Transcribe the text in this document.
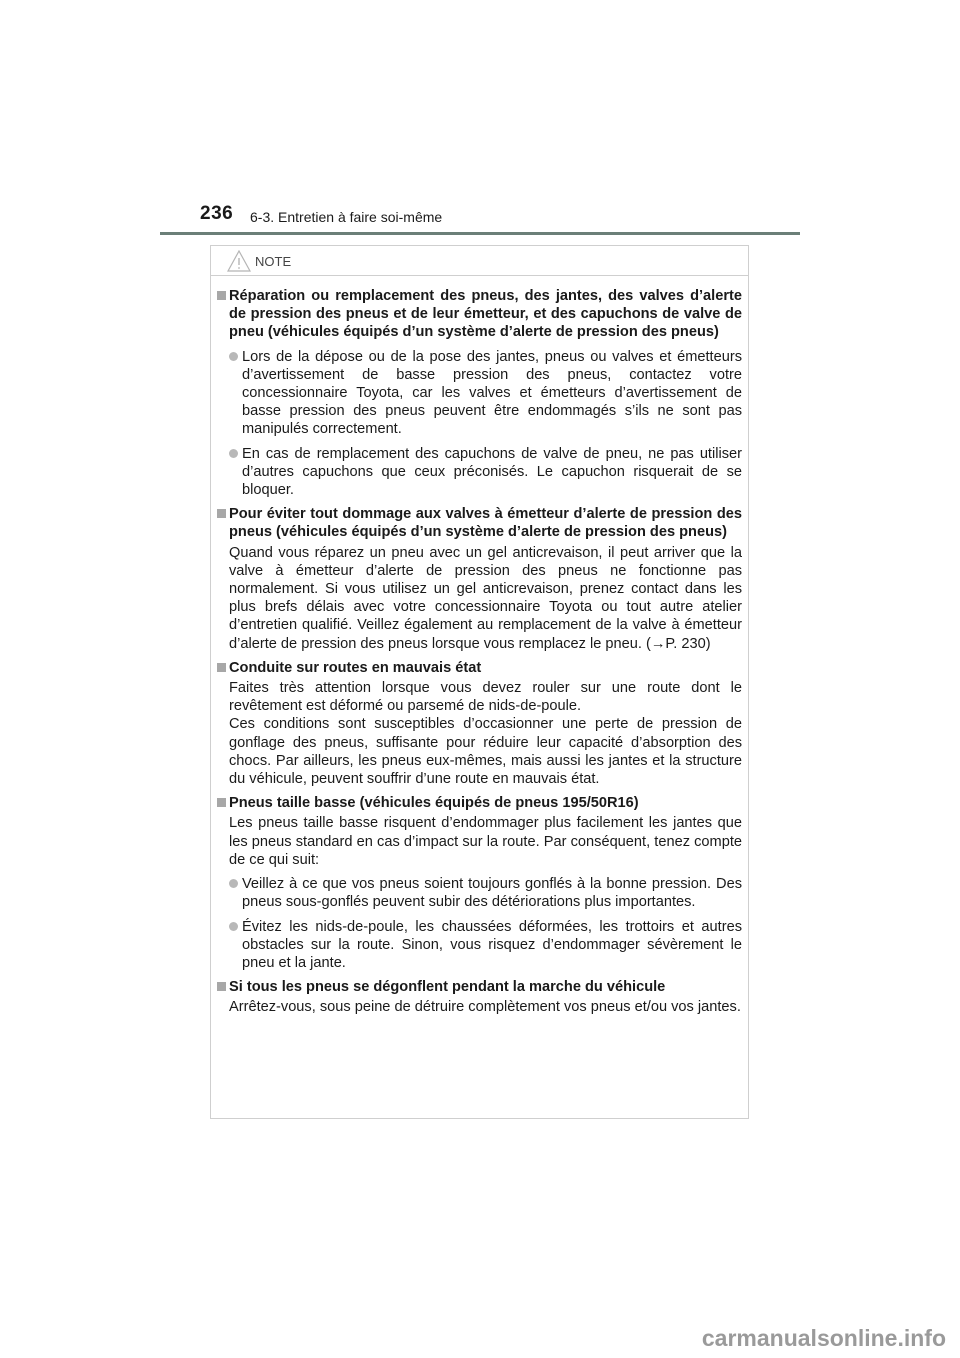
236 6-3. Entretien à faire soi-même
NOTE
Réparation ou remplacement des pneus, des jantes, des valves d’alerte de pression des pneus et de leur émetteur, et des capuchons de valve de pneu (véhicules équipés d’un système d’alerte de pression des pneus)
Lors de la dépose ou de la pose des jantes, pneus ou valves et émetteurs d’avertissement de basse pression des pneus, contactez votre concessionnaire Toyota, car les valves et émetteurs d’avertissement de basse pression des pneus peuvent être endommagés s’ils ne sont pas manipulés correctement.
En cas de remplacement des capuchons de valve de pneu, ne pas utiliser d’autres capuchons que ceux préconisés. Le capuchon risquerait de se bloquer.
Pour éviter tout dommage aux valves à émetteur d’alerte de pression des pneus (véhicules équipés d’un système d’alerte de pression des pneus)

Quand vous réparez un pneu avec un gel anticrevaison, il peut arriver que la valve à émetteur d’alerte de pression des pneus ne fonctionne pas normalement. Si vous utilisez un gel anticrevaison, prenez contact dans les plus brefs délais avec votre concessionnaire Toyota ou tout autre atelier d’entretien qualifié. Veillez également au remplacement de la valve à émetteur d’alerte de pression des pneus lorsque vous remplacez le pneu. (→P. 230)

Conduite sur routes en mauvais état

Faites très attention lorsque vous devez rouler sur une route dont le revêtement est déformé ou parsemé de nids-de-poule.

Ces conditions sont susceptibles d’occasionner une perte de pression de gonflage des pneus, suffisante pour réduire leur capacité d’absorption des chocs. Par ailleurs, les pneus eux-mêmes, mais aussi les jantes et la structure du véhicule, peuvent souffrir d’une route en mauvais état.

Pneus taille basse (véhicules équipés de pneus 195/50R16)

Les pneus taille basse risquent d’endommager plus facilement les jantes que les pneus standard en cas d’impact sur la route. Par conséquent, tenez compte de ce qui suit:

Veillez à ce que vos pneus soient toujours gonflés à la bonne pression. Des pneus sous-gonflés peuvent subir des détériorations plus importantes.
Évitez les nids-de-poule, les chaussées déformées, les trottoirs et autres obstacles sur la route. Sinon, vous risquez d’endommager sévèrement le pneu et la jante.
Si tous les pneus se dégonflent pendant la marche du véhicule

Arrêtez-vous, sous peine de détruire complètement vos pneus et/ou vos jantes.

carmanualsonline.info
